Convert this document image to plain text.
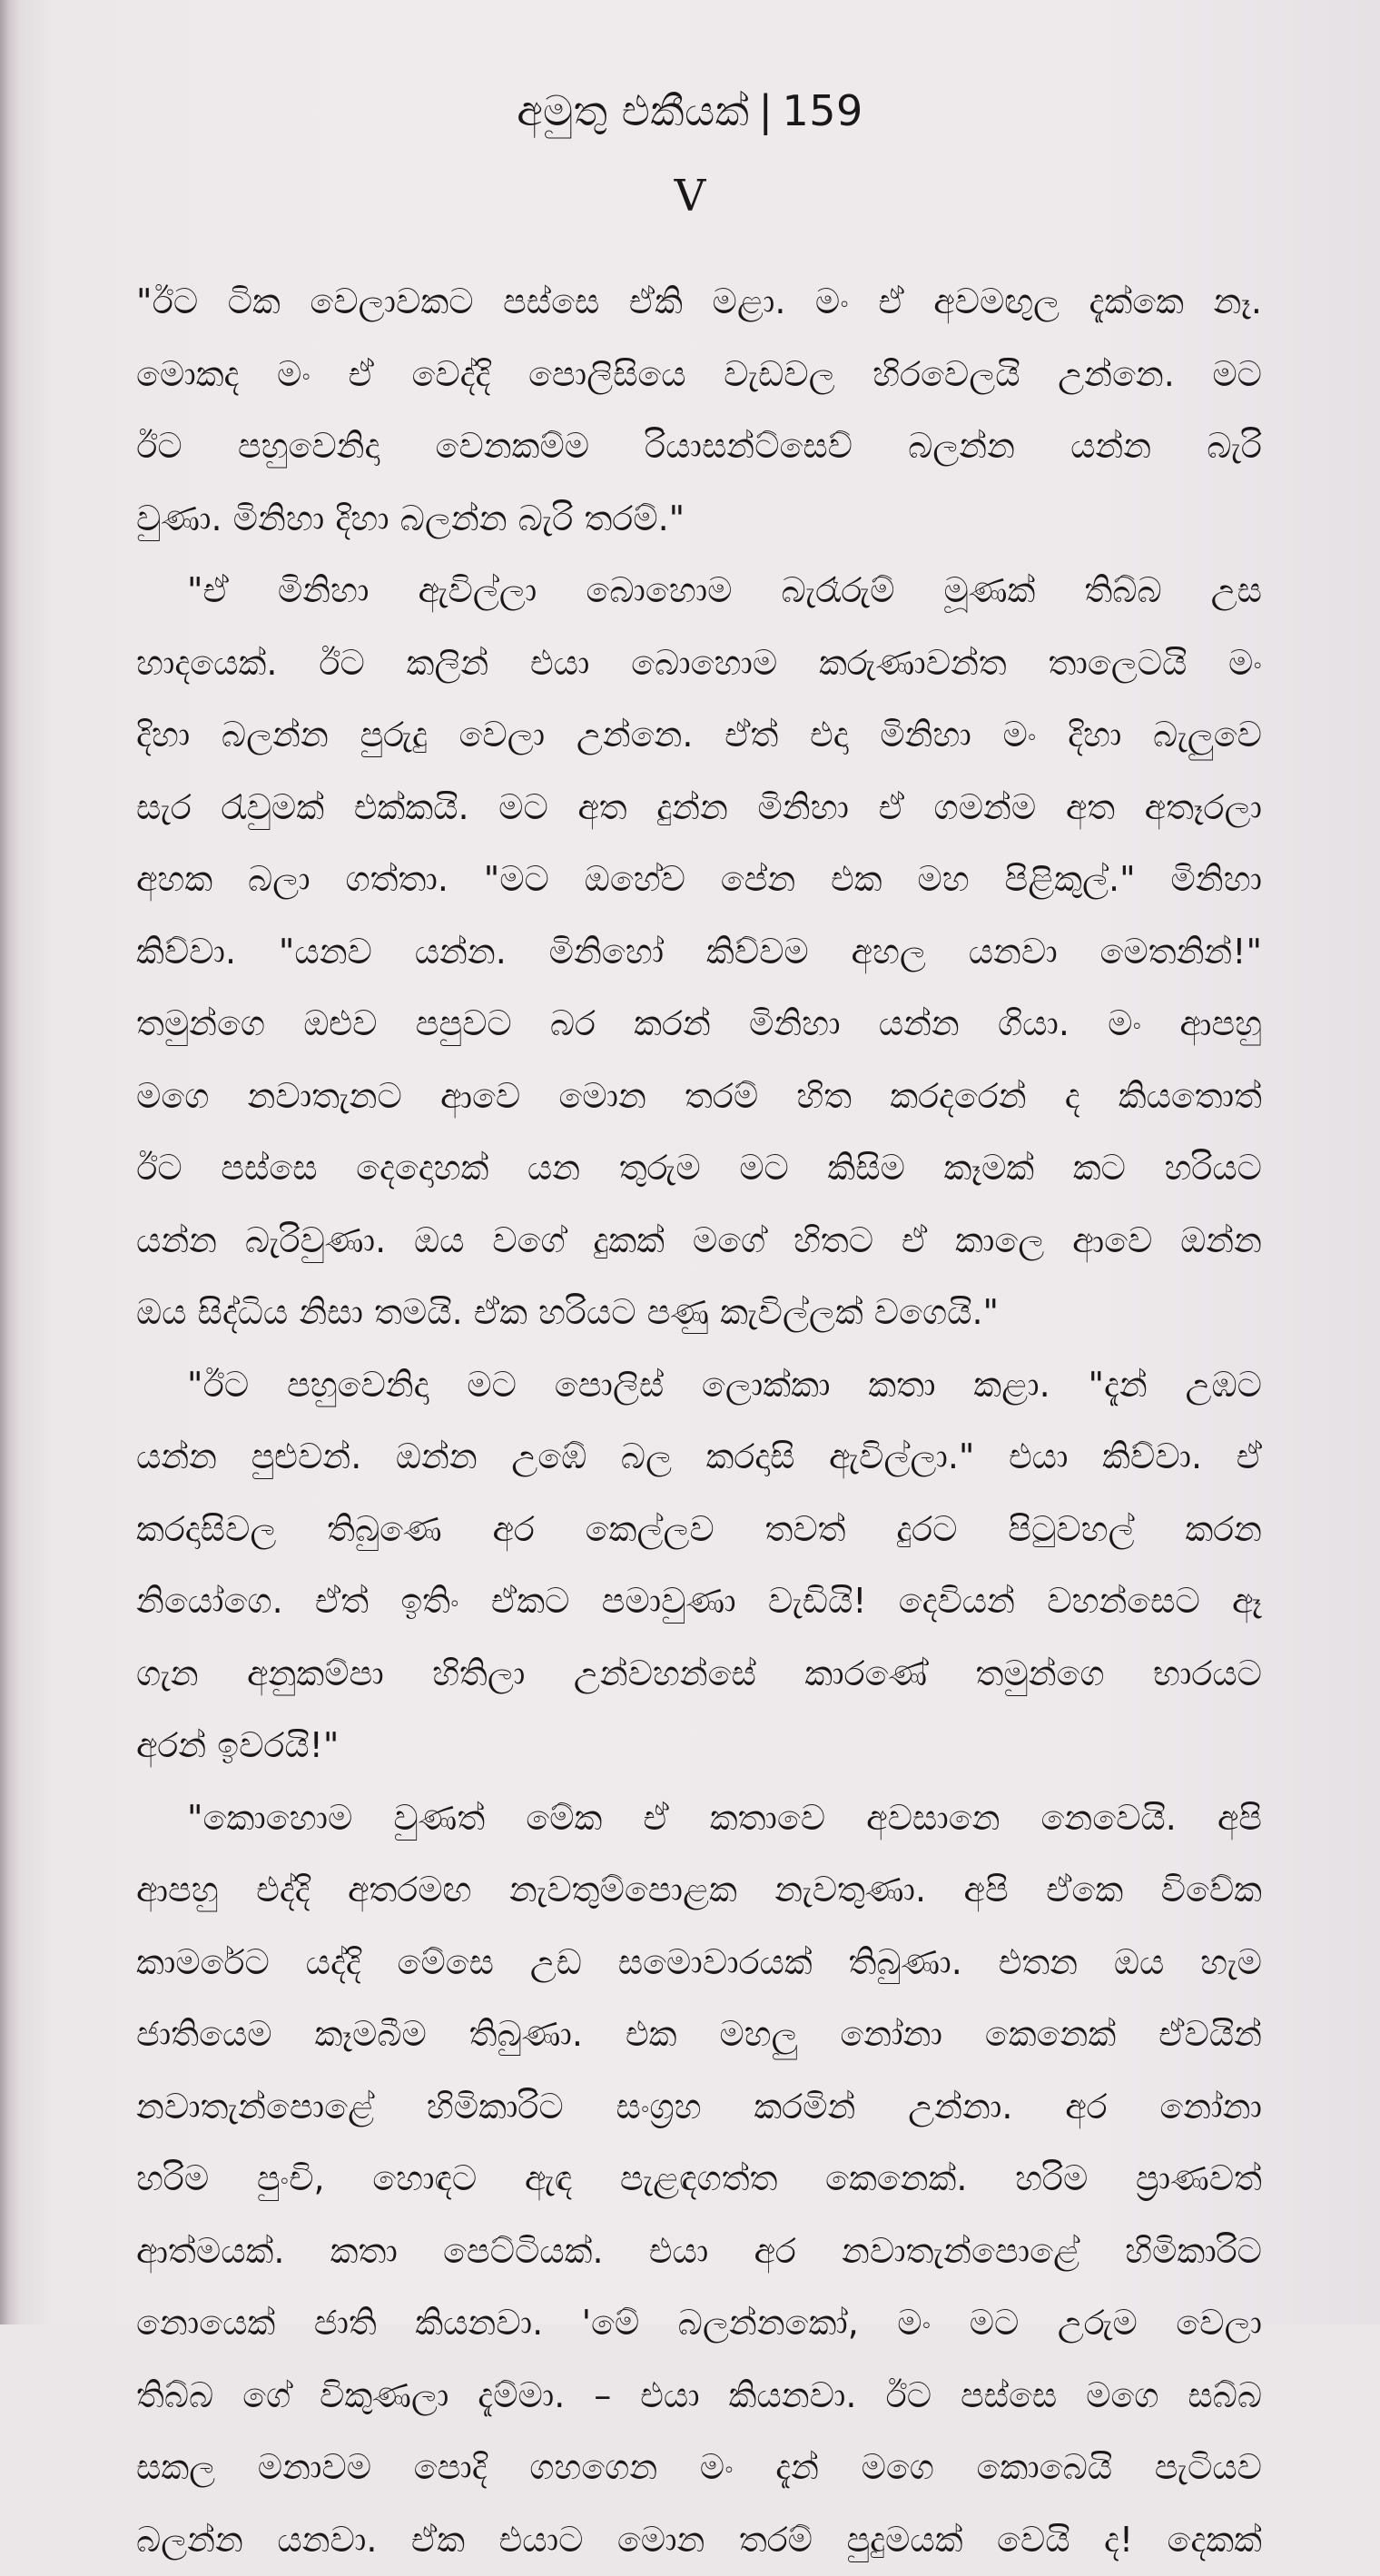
අමුතු එකීයක් | 159
V
"ඊට ටික වෙලාවකට පස්සෙ ඒකි මළා. මං ඒ අවමඟුල දැක්කෙ නෑ.
මොකද මං ඒ වෙද්දි පොලිසියෙ වැඩවල හිරවෙලයි උන්නෙ. මට
ඊට පහුවෙනිදා වෙනකම්ම රියාසන්ට්සෙව් බලන්න යන්න බැරි
වුණා. මිනිහා දිහා බලන්න බැරි තරම්."
"ඒ මිනිහා ඇවිල්ලා බොහොම බැරෑරුම් මූණක් තිබ්බ උස
හාදයෙක්. ඊට කලින් එයා බොහොම කරුණාවන්ත තාලෙටයි මං
දිහා බලන්න පුරුදු වෙලා උන්නෙ. ඒත් එදා මිනිහා මං දිහා බැලුවෙ
සැර රැවුමක් එක්කයි. මට අත දුන්න මිනිහා ඒ ගමන්ම අත අතෑරලා
අහක බලා ගත්තා. "මට ඔහේව පේන එක මහ පිළිකුල්." මිනිහා
කිව්වා. "යනව යන්න. මිනිහෝ කිව්වම අහල යනවා මෙතනින්!"
තමුන්ගෙ ඔළුව පපුවට බර කරන් මිනිහා යන්න ගියා. මං ආපහු
මගෙ නවාතැනට ආවෙ මොන තරම් හිත කරදරෙන් ද කියතොත්
ඊට පස්සෙ දෙදොහක් යන තුරුම මට කිසිම කෑමක් කට හරියට
යන්න බැරිවුණා. ඔය වගේ දුකක් මගේ හිතට ඒ කාලෙ ආවෙ ඔන්න
ඔය සිද්ධිය නිසා තමයි. ඒක හරියට පණු කැවිල්ලක් වගෙයි."
"ඊට පහුවෙනිදා මට පොලිස් ලොක්කා කතා කළා. "දැන් උඹට
යන්න පුළුවන්. ඔන්න උඹේ බල කරදාසි ඇවිල්ලා." එයා කිව්වා. ඒ
කරදාසිවල තිබුණෙ අර කෙල්ලව තවත් දුරට පිටුවහල් කරන
නියෝගෙ. ඒත් ඉතිං ඒකට පමාවුණා වැඩියි! දෙවියන් වහන්සෙට ඈ
ගැන අනුකම්පා හිතිලා උන්වහන්සේ කාරණේ තමුන්ගෙ භාරයට
අරන් ඉවරයි!"
"කොහොම වුණත් මේක ඒ කතාවෙ අවසානෙ නෙවෙයි. අපි
ආපහු එද්දි අතරමඟ නැවතුම්පොළක නැවතුණා. අපි ඒකෙ විවේක
කාමරේට යද්දි මේසෙ උඩ සමොවාරයක් තිබුණා. එතන ඔය හැම
ජාතියෙම කෑමබීම තිබුණා. එක මහලු නෝනා කෙනෙක් ඒවයින්
නවාතැන්පොළේ හිමිකාරිට සංග්‍රහ කරමින් උන්නා. අර නෝනා
හරිම පුංචි, හොඳට ඇඳ පැළඳගත්ත කෙනෙක්. හරිම ප්‍රාණවත්
ආත්මයක්. කතා පෙට්ටියක්. එයා අර නවාතැන්පොළේ හිමිකාරිට
නොයෙක් ජාති කියනවා. 'මේ බලන්නකෝ, මං මට උරුම වෙලා
තිබ්බ ගේ විකුණලා දැම්මා. – එයා කියනවා. ඊට පස්සෙ මගෙ සබ්බ
සකල මනාවම පොදි ගහගෙන මං දැන් මගෙ කොබෙයි පැටියව
බලන්න යනවා. ඒක එයාට මොන තරම් පුදුමයක් වෙයි ද! දෙකක්
